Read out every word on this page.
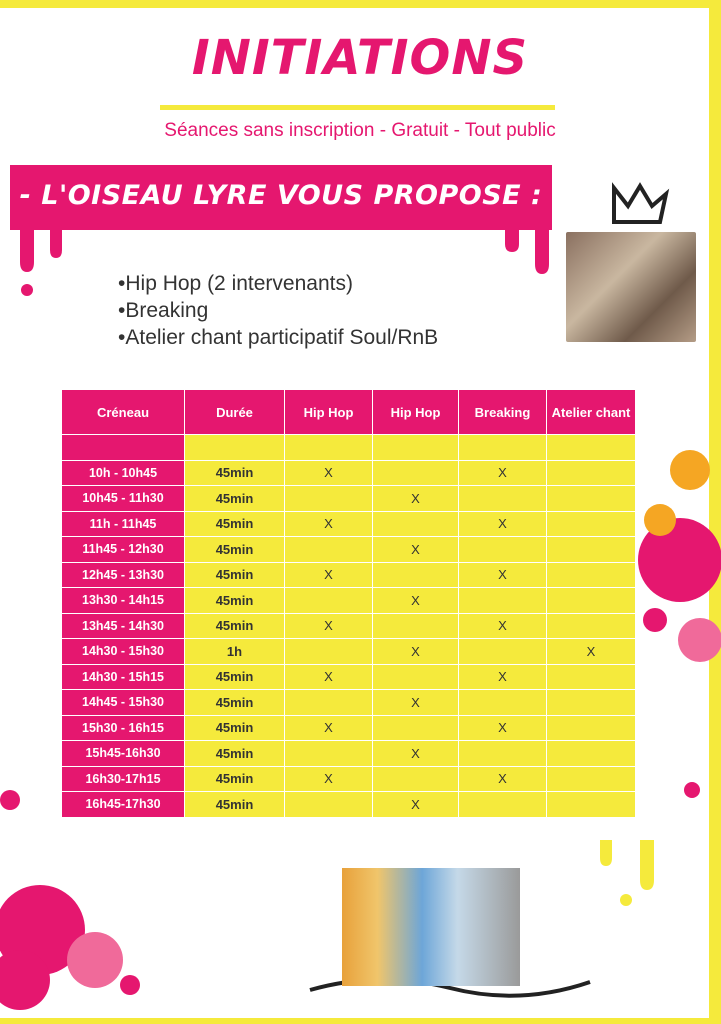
INITIATIONS
Séances sans inscription - Gratuit - Tout public
- L'OISEAU LYRE VOUS PROPOSE :
• Hip Hop (2 intervenants)
• Breaking
• Atelier chant participatif Soul/RnB
Créneau	Durée	Hip Hop	Hip Hop	Breaking	Atelier chant

10h - 10h45	45min	X		X	
10h45 - 11h30	45min		X		
11h - 11h45	45min	X		X	
11h45 - 12h30	45min		X		
12h45 - 13h30	45min	X		X	
13h30 - 14h15	45min		X		
13h45 - 14h30	45min	X		X	
14h30 - 15h30	1h		X		X
14h30 - 15h15	45min	X		X	
14h45 - 15h30	45min		X		
15h30 - 16h15	45min	X		X	
15h45-16h30	45min		X		
16h30-17h15	45min	X		X	
16h45-17h30	45min		X		
